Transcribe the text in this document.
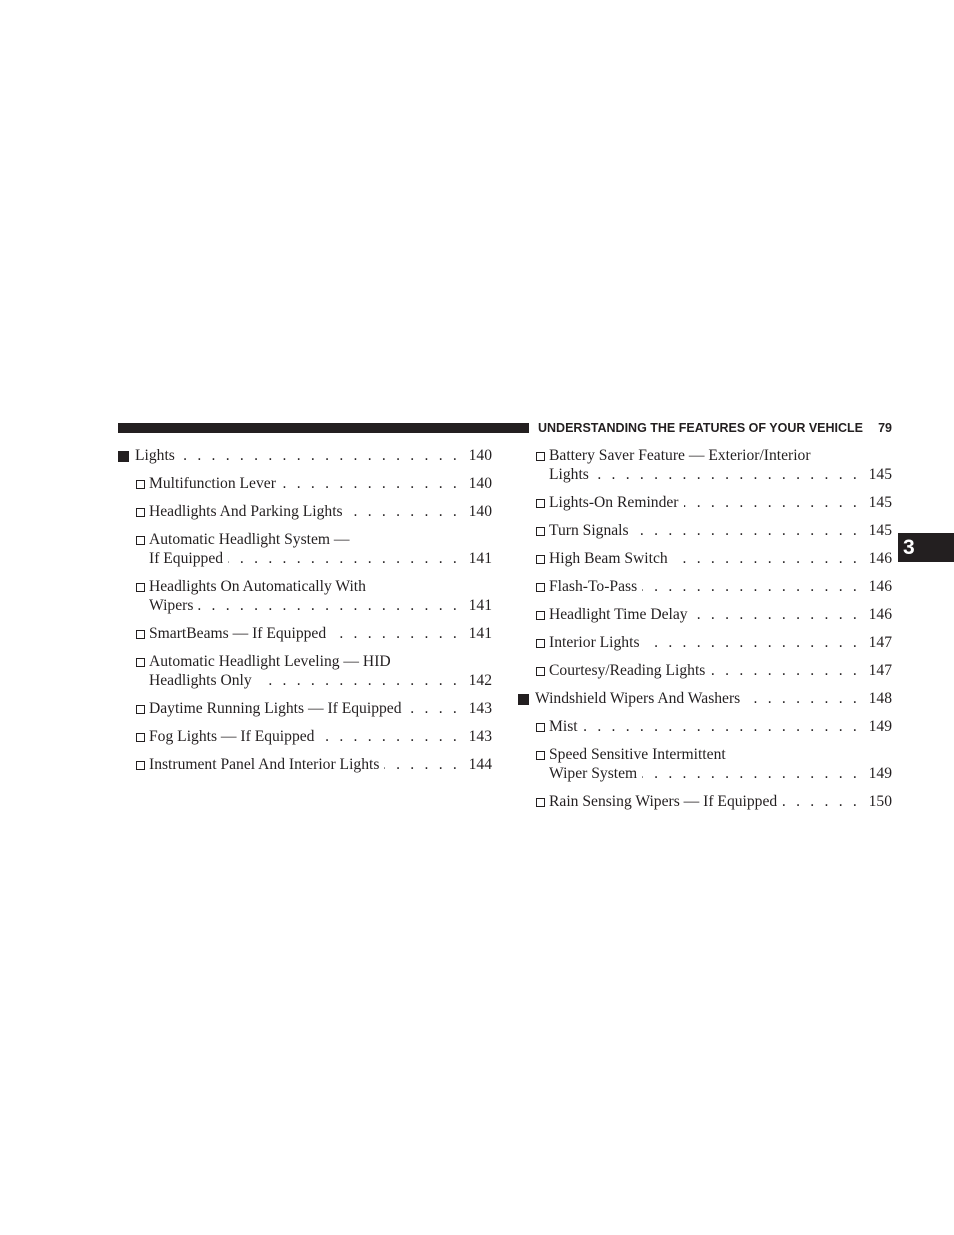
UNDERSTANDING THE FEATURES OF YOUR VEHICLE 79
3
Lights . . .	140
Multifunction Lever . . .	140
Headlights And Parking Lights . . .	140
Automatic Headlight System —
If Equipped . . .	141
Headlights On Automatically With
Wipers . . .	141
SmartBeams — If Equipped . . .	141
Automatic Headlight Leveling — HID
Headlights Only . . .	142
Daytime Running Lights — If Equipped . . .	143
Fog Lights — If Equipped . . .	143
Instrument Panel And Interior Lights . . .	144
Battery Saver Feature — Exterior/Interior
Lights . . .	145
Lights-On Reminder . . .	145
Turn Signals . . .	145
High Beam Switch . . .	146
Flash-To-Pass . . .	146
Headlight Time Delay . . .	146
Interior Lights . . .	147
Courtesy/Reading Lights . . .	147
Windshield Wipers And Washers . . .	148
Mist . . .	149
Speed Sensitive Intermittent
Wiper System . . .	149
Rain Sensing Wipers — If Equipped . . .	150
